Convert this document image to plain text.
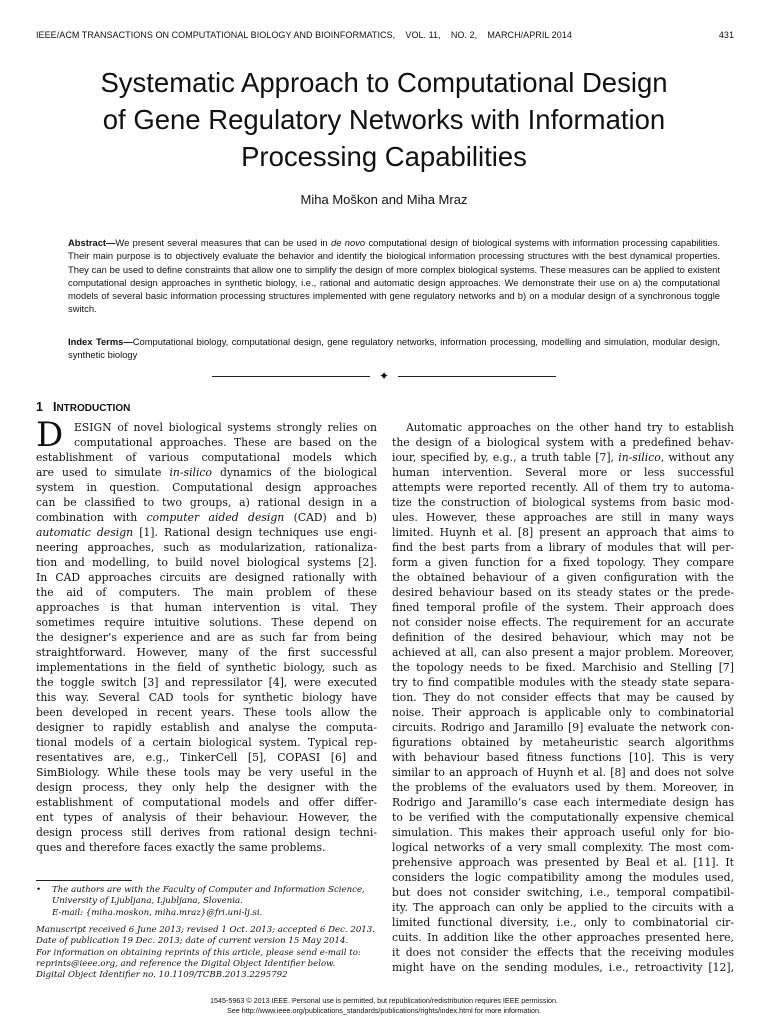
IEEE/ACM TRANSACTIONS ON COMPUTATIONAL BIOLOGY AND BIOINFORMATICS, VOL. 11, NO. 2, MARCH/APRIL 2014	431
Systematic Approach to Computational Design
of Gene Regulatory Networks with Information
Processing Capabilities
Miha Moškon and Miha Mraz
Abstract—We present several measures that can be used in de novo computational design of biological systems with information processing capabilities. Their main purpose is to objectively evaluate the behavior and identify the biological information processing structures with the best dynamical properties. They can be used to define constraints that allow one to simplify the design of more complex biological systems. These measures can be applied to existent computational design approaches in synthetic biology, i.e., rational and automatic design approaches. We demonstrate their use on a) the computational models of several basic information processing structures implemented with gene regulatory networks and b) on a modular design of a synchronous toggle switch.
Index Terms—Computational biology, computational design, gene regulatory networks, information processing, modelling and simulation, modular design, synthetic biology
✦
1 INTRODUCTION
D ESIGN of novel biological systems strongly relies on
computational approaches. These are based on the
establishment of various computational models which
are used to simulate in-silico dynamics of the biological
system in question. Computational design approaches
can be classified to two groups, a) rational design in a
combination with computer aided design (CAD) and b)
automatic design [1]. Rational design techniques use engi-
neering approaches, such as modularization, rationaliza-
tion and modelling, to build novel biological systems [2].
In CAD approaches circuits are designed rationally with
the aid of computers. The main problem of these
approaches is that human intervention is vital. They
sometimes require intuitive solutions. These depend on
the designer’s experience and are as such far from being
straightforward. However, many of the first successful
implementations in the field of synthetic biology, such as
the toggle switch [3] and repressilator [4], were executed
this way. Several CAD tools for synthetic biology have
been developed in recent years. These tools allow the
designer to rapidly establish and analyse the computa-
tional models of a certain biological system. Typical rep-
resentatives are, e.g., TinkerCell [5], COPASI [6] and
SimBiology. While these tools may be very useful in the
design process, they only help the designer with the
establishment of computational models and offer differ-
ent types of analysis of their behaviour. However, the
design process still derives from rational design techni-
ques and therefore faces exactly the same problems.
Automatic approaches on the other hand try to establish
the design of a biological system with a predefined behav-
iour, specified by, e.g., a truth table [7], in-silico, without any
human intervention. Several more or less successful
attempts were reported recently. All of them try to automa-
tize the construction of biological systems from basic mod-
ules. However, these approaches are still in many ways
limited. Huynh et al. [8] present an approach that aims to
find the best parts from a library of modules that will per-
form a given function for a fixed topology. They compare
the obtained behaviour of a given configuration with the
desired behaviour based on its steady states or the prede-
fined temporal profile of the system. Their approach does
not consider noise effects. The requirement for an accurate
definition of the desired behaviour, which may not be
achieved at all, can also present a major problem. Moreover,
the topology needs to be fixed. Marchisio and Stelling [7]
try to find compatible modules with the steady state separa-
tion. They do not consider effects that may be caused by
noise. Their approach is applicable only to combinatorial
circuits. Rodrigo and Jaramillo [9] evaluate the network con-
figurations obtained by metaheuristic search algorithms
with behaviour based fitness functions [10]. This is very
similar to an approach of Huynh et al. [8] and does not solve
the problems of the evaluators used by them. Moreover, in
Rodrigo and Jaramillo’s case each intermediate design has
to be verified with the computationally expensive chemical
simulation. This makes their approach useful only for bio-
logical networks of a very small complexity. The most com-
prehensive approach was presented by Beal et al. [11]. It
considers the logic compatibility among the modules used,
but does not consider switching, i.e., temporal compatibil-
ity. The approach can only be applied to the circuits with a
limited functional diversity, i.e., only to combinatorial cir-
cuits. In addition like the other approaches presented here,
it does not consider the effects that the receiving modules
might have on the sending modules, i.e., retroactivity [12],
• The authors are with the Faculty of Computer and Information Science,
University of Ljubljana, Ljubljana, Slovenia.
E-mail: {miha.moskon, miha.mraz}@fri.uni-lj.si.
Manuscript received 6 June 2013; revised 1 Oct. 2013; accepted 6 Dec. 2013.
Date of publication 19 Dec. 2013; date of current version 15 May 2014.
For information on obtaining reprints of this article, please send e-mail to:
reprints@ieee.org, and reference the Digital Object Identifier below.
Digital Object Identifier no. 10.1109/TCBB.2013.2295792
1545-5963 © 2013 IEEE. Personal use is permitted, but republication/redistribution requires IEEE permission.
See http://www.ieee.org/publications_standards/publications/rights/index.html for more information.
